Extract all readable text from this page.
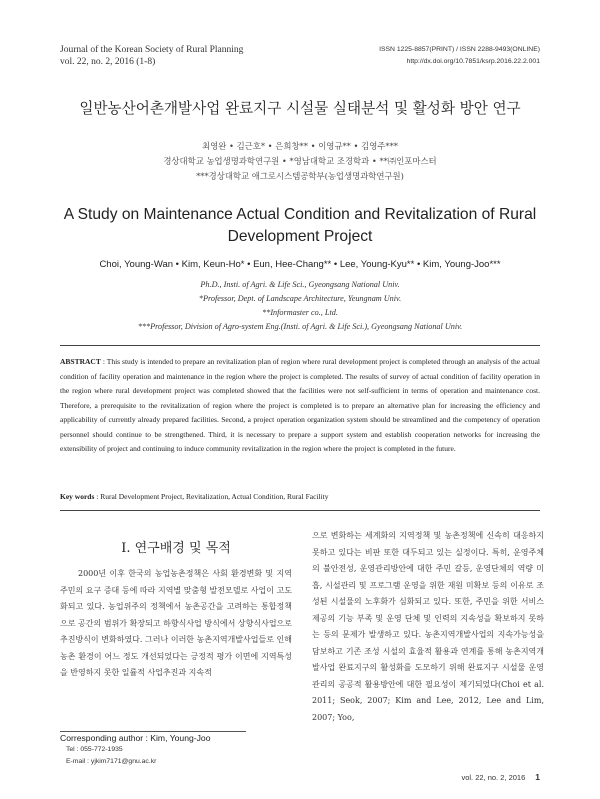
Journal of the Korean Society of Rural Planning
vol. 22, no. 2, 2016 (1-8)
ISSN 1225-8857(PRINT) / ISSN 2288-9493(ONLINE)
http://dx.doi.org/10.7851/ksrp.2016.22.2.001
일반농산어촌개발사업 완료지구 시설물 실태분석 및 활성화 방안 연구
최영완 • 김근호* • 은희창** • 이영규** • 김영주***
경상대학교 농업생명과학연구원 • *영남대학교 조경학과 • **㈜인포마스터
***경상대학교 애그로시스템공학부(농업생명과학연구원)
A Study on Maintenance Actual Condition and Revitalization of Rural Development Project
Choi, Young-Wan • Kim, Keun-Ho* • Eun, Hee-Chang** • Lee, Young-Kyu** • Kim, Young-Joo***
Ph.D., Insti. of Agri. & Life Sci., Gyeongsang National Univ.
*Professor, Dept. of Landscape Architecture, Yeungnam Univ.
**Informaster co., Ltd.
***Professor, Division of Agro-system Eng.(Insti. of Agri. & Life Sci.), Gyeongsang National Univ.
ABSTRACT : This study is intended to prepare an revitalization plan of region where rural development project is completed through an analysis of the actual condition of facility operation and maintenance in the region where the project is completed. The results of survey of actual condition of facility operation in the region where rural development project was completed showed that the facilities were not self-sufficient in terms of operation and maintenance cost. Therefore, a prerequisite to the revitalization of region where the project is completed is to prepare an alternative plan for increasing the efficiency and applicability of currently already prepared facilities. Second, a project operation organization system should be streamlined and the competency of operation personnel should continue to be strengthened. Third, it is necessary to prepare a support system and establish cooperation networks for increasing the extensibility of project and continuing to induce community revitalization in the region where the project is completed in the future.
Key words : Rural Development Project, Revitalization, Actual Condition, Rural Facility
I. 연구배경 및 목적
2000년 이후 한국의 농업농촌정책은 사회 환경변화 및 지역주민의 요구 증대 등에 따라 지역별 맞춤형 발전모델로 사업이 고도화되고 있다. 농업위주의 정책에서 농촌공간을 고려하는 통합정책으로 공간의 범위가 확장되고 하향식사업 방식에서 상향식사업으로 추진방식이 변화하였다. 그러나 이러한 농촌지역개발사업들로 인해 농촌 환경이 어느 정도 개선되었다는 긍정적 평가 이면에 지역특성을 반영하지 못한 일률적 사업추진과 지속적
으로 변화하는 세계화의 지역정책 및 농촌정책에 신속히 대응하지 못하고 있다는 비판 또한 대두되고 있는 실정이다. 특히, 운영주체의 불안전성, 운영관리방안에 대한 주민 갈등, 운영단체의 역량 미흡, 시설관리 및 프로그램 운영을 위한 재원 미확보 등의 이유로 조성된 시설물의 노후화가 심화되고 있다. 또한, 주민을 위한 서비스 제공의 기능 부족 및 운영 단체 및 인력의 지속성을 확보하지 못하는 등의 문제가 발생하고 있다. 농촌지역개발사업의 지속가능성을 담보하고 기존 조성 시설의 효율적 활용과 연계를 통해 농촌지역개발사업 완료지구의 활성화를 도모하기 위해 완료지구 시설물 운영관리의 공공적 활용방안에 대한 필요성이 제기되었다(Choi et al. 2011; Seok, 2007; Kim and Lee, 2012, Lee and Lim, 2007; Yoo,
Corresponding author : Kim, Young-Joo
Tel : 055-772-1935
E-mail : yjkim7171@gnu.ac.kr
vol. 22, no. 2, 2016 1
